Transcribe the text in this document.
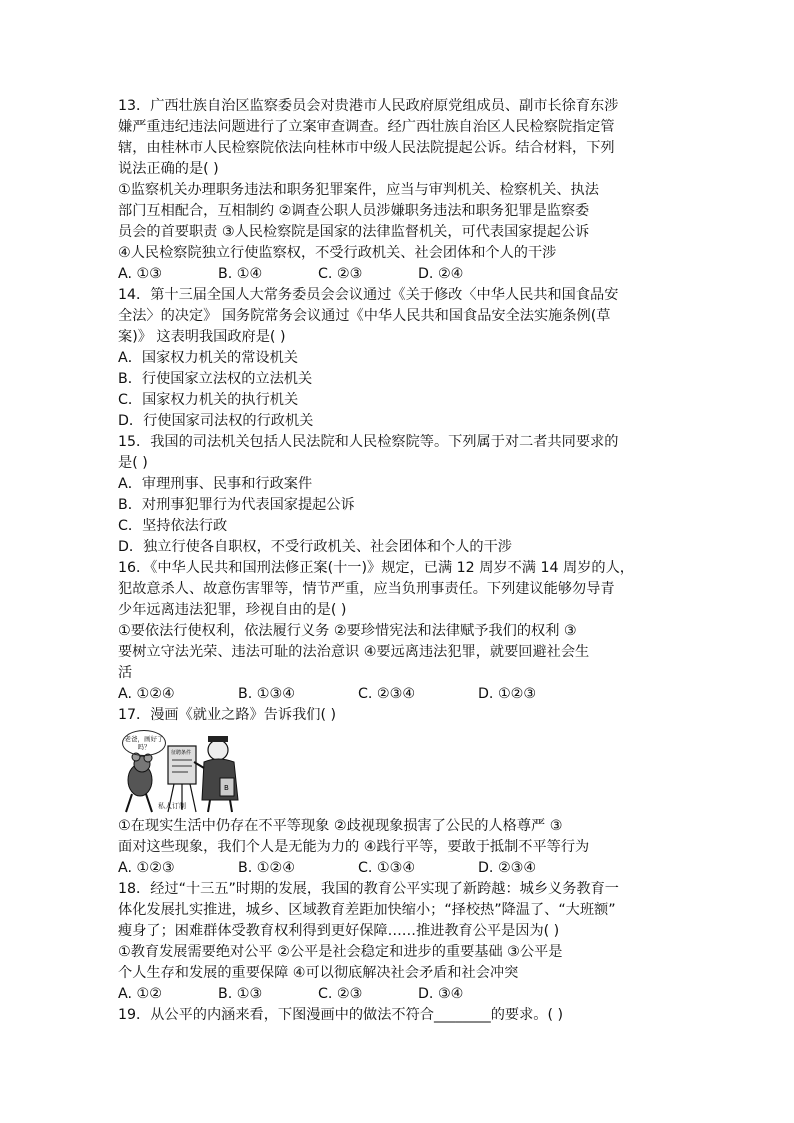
13．广西壮族自治区监察委员会对贵港市人民政府原党组成员、副市长徐育东涉
嫌严重违纪违法问题进行了立案审查调查。经广西壮族自治区人民检察院指定管
辖，由桂林市人民检察院依法向桂林市中级人民法院提起公诉。结合材料，下列
说法正确的是( )
①监察机关办理职务违法和职务犯罪案件，应当与审判机关、检察机关、执法
部门互相配合，互相制约 ②调查公职人员涉嫌职务违法和职务犯罪是监察委
员会的首要职责 ③人民检察院是国家的法律监督机关，可代表国家提起公诉
④人民检察院独立行使监察权，不受行政机关、社会团体和个人的干涉
A. ①③	B. ①④	C. ②③	D. ②④
14．第十三届全国人大常务委员会会议通过《关于修改〈中华人民共和国食品安
全法〉的决定》 国务院常务会议通过《中华人民共和国食品安全法实施条例(草
案)》 这表明我国政府是( )
A．国家权力机关的常设机关
B．行使国家立法权的立法机关
C．国家权力机关的执行机关
D．行使国家司法权的行政机关
15．我国的司法机关包括人民法院和人民检察院等。下列属于对二者共同要求的
是( )
A．审理刑事、民事和行政案件
B．对刑事犯罪行为代表国家提起公诉
C．坚持依法行政
D．独立行使各自职权，不受行政机关、社会团体和个人的干涉
16．《中华人民共和国刑法修正案(十一)》规定，已满 12 周岁不满 14 周岁的人，
犯故意杀人、故意伤害罪等，情节严重，应当负刑事责任。下列建议能够勿导青
少年远离违法犯罪，珍视自由的是( )
①要依法行使权利，依法履行义务 ②要珍惜宪法和法律赋予我们的权利 ③
要树立守法光荣、违法可耻的法治意识 ④要远离违法犯罪，就要回避社会生
活
A. ①②④	B. ①③④	C. ②③④	D. ①②③
17．漫画《就业之路》告诉我们( )
征聘条件
B
老爸，画好了吗？
私人订制
①在现实生活中仍存在不平等现象 ②歧视现象损害了公民的人格尊严 ③
面对这些现象，我们个人是无能为力的 ④践行平等，要敢于抵制不平等行为
A. ①②③	B. ①②④	C. ①③④	D. ②③④
18．经过“十三五”时期的发展，我国的教育公平实现了新跨越：城乡义务教育一
体化发展扎实推进，城乡、区域教育差距加快缩小；“择校热”降温了、“大班额”
瘦身了；困难群体受教育权利得到更好保障……推进教育公平是因为( )
①教育发展需要绝对公平 ②公平是社会稳定和进步的重要基础 ③公平是
个人生存和发展的重要保障 ④可以彻底解决社会矛盾和社会冲突
A. ①②	B. ①③	C. ②③	D. ③④
19．从公平的内涵来看，下图漫画中的做法不符合________的要求。( )
